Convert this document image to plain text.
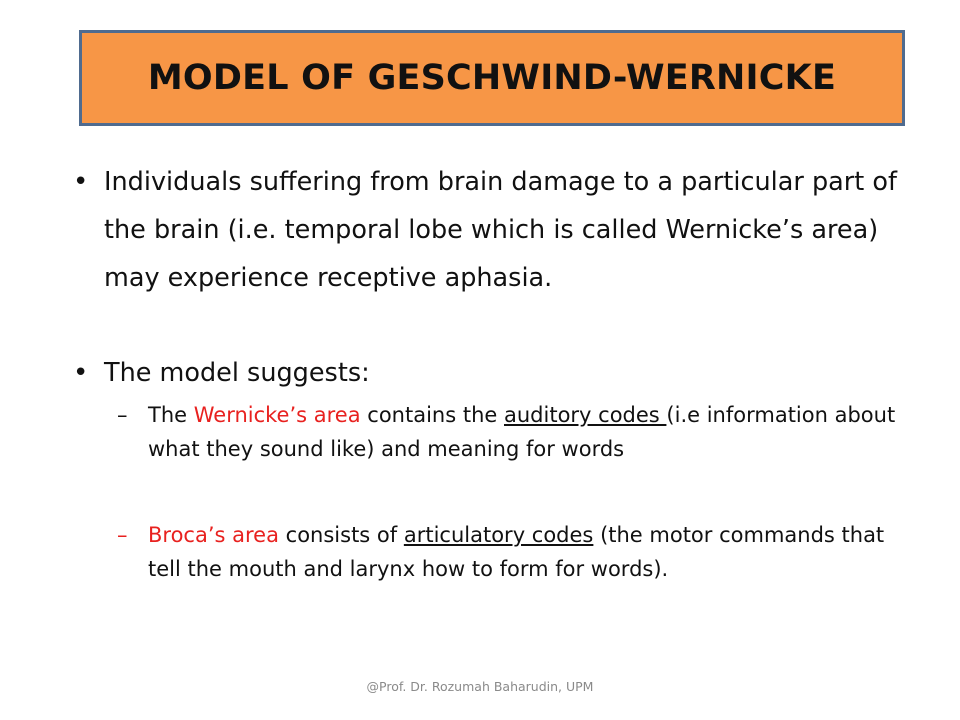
MODEL OF GESCHWIND-WERNICKE
• Individuals suffering from brain damage to a particular part of the brain (i.e. temporal lobe which is called Wernicke’s area) may experience receptive aphasia.
• The model suggests:
– The Wernicke’s area contains the auditory codes (i.e information about what they sound like) and meaning for words
– Broca’s area consists of articulatory codes (the motor commands that tell the mouth and larynx how to form for words).
@Prof. Dr. Rozumah Baharudin, UPM
